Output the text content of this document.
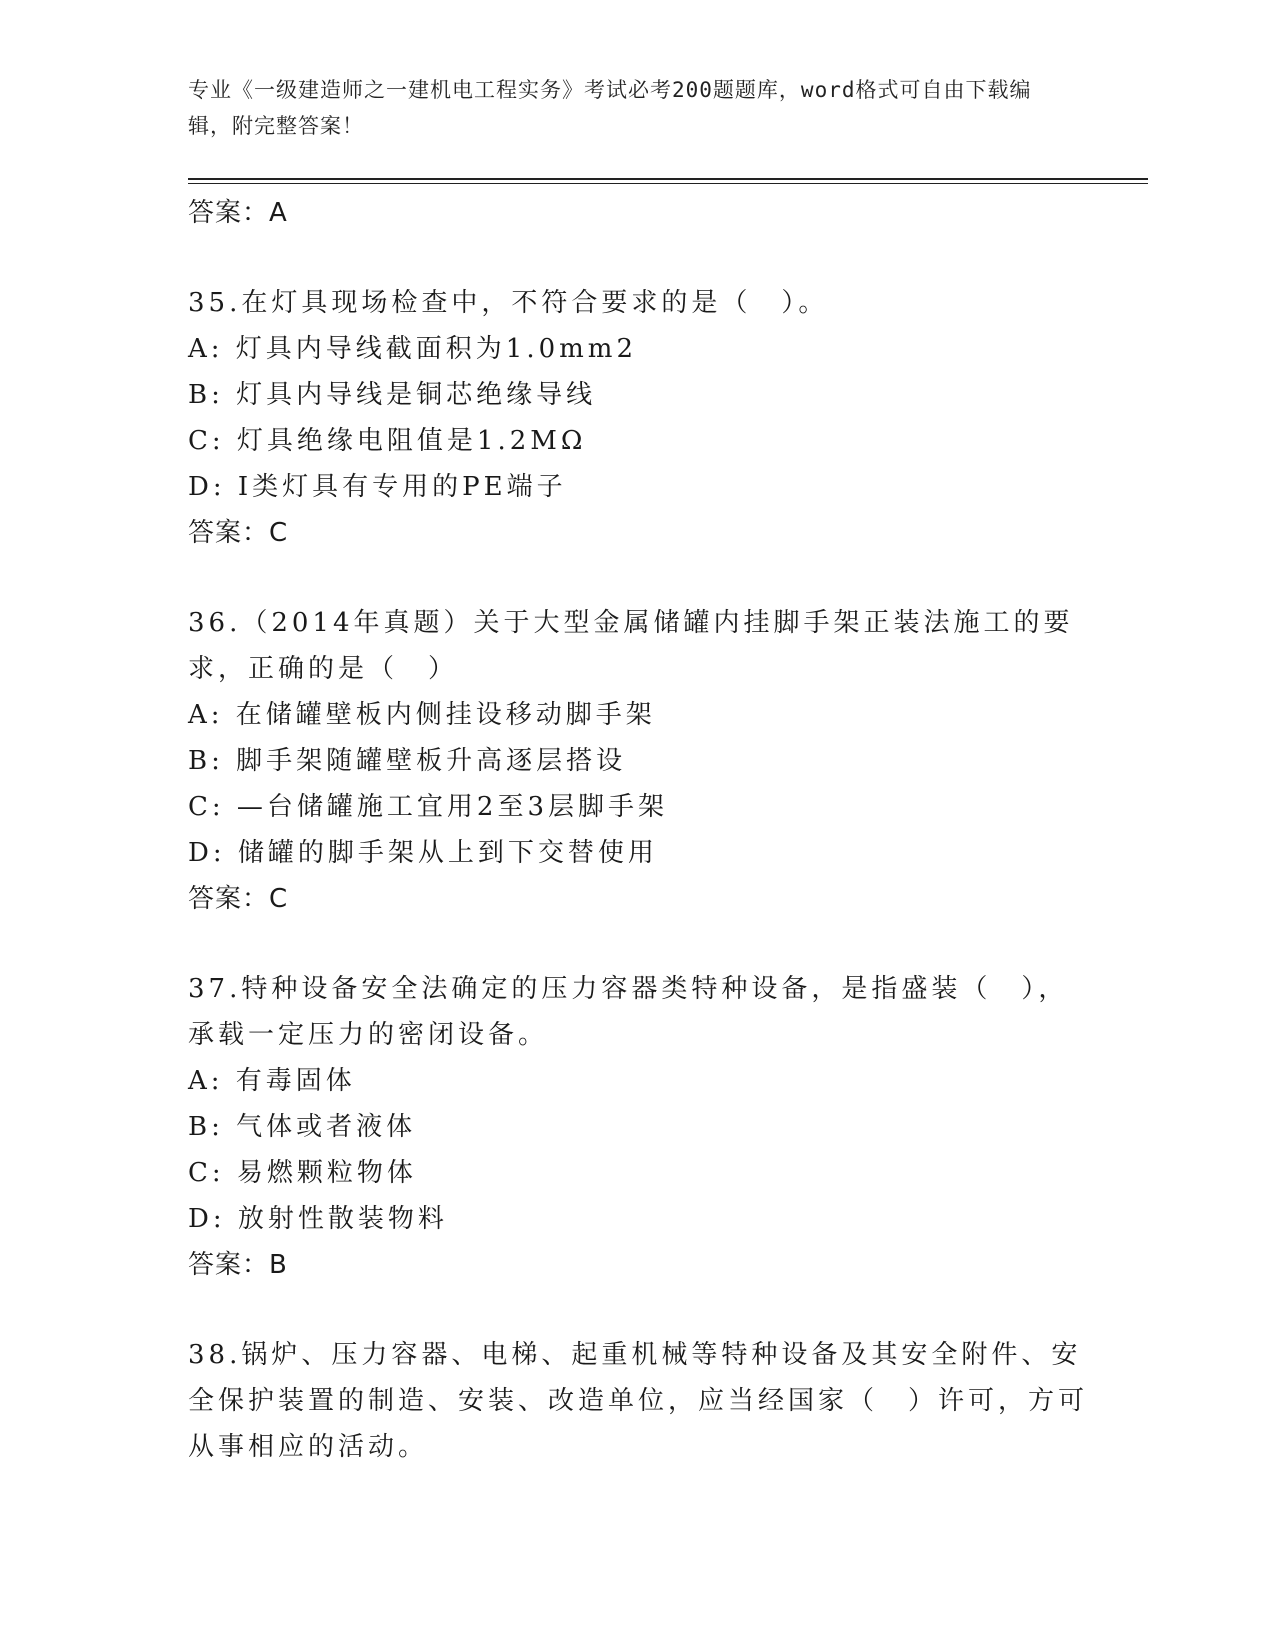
专业《一级建造师之一建机电工程实务》考试必考200题题库，word格式可自由下载编辑，附完整答案！
答案：A
35.在灯具现场检查中，不符合要求的是（　）。
A: 灯具内导线截面积为1.0mm2
B: 灯具内导线是铜芯绝缘导线
C: 灯具绝缘电阻值是1.2MΩ
D: Ⅰ类灯具有专用的PE端子
答案：C
36.（2014年真题）关于大型金属储罐内挂脚手架正装法施工的要求，正确的是（　）
A: 在储罐壁板内侧挂设移动脚手架
B: 脚手架随罐壁板升高逐层搭设
C: —台储罐施工宜用2至3层脚手架
D: 储罐的脚手架从上到下交替使用
答案：C
37.特种设备安全法确定的压力容器类特种设备，是指盛装（　），承载一定压力的密闭设备。
A: 有毒固体
B: 气体或者液体
C: 易燃颗粒物体
D: 放射性散装物料
答案：B
38.锅炉、压力容器、电梯、起重机械等特种设备及其安全附件、安全保护装置的制造、安装、改造单位，应当经国家（　）许可，方可从事相应的活动。
